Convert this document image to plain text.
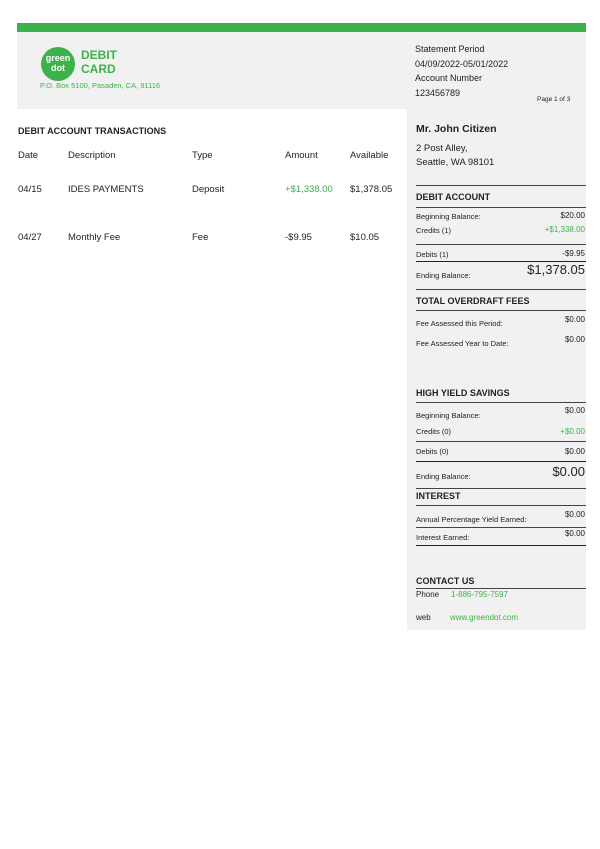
green
dot
DEBIT
CARD
P.O. Box 5100, Pasaden, CA, 91116
Statement Period
04/09/2022-05/01/2022
Account Number
123456789
Page 1 of 3
DEBIT ACCOUNT TRANSACTIONS
Date	Description	Type	Amount	Available
04/15	IDES PAYMENTS	Deposit	+$1,338.00 $1,378.05
04/27	Monthly Fee	Fee	-$9.95	$10.05
Mr. John Citizen
2 Post Alley,
Seattle, WA 98101
DEBIT ACCOUNT
Beginning Balance:	$20.00
Credits (1)	+$1,338.00
Debits (1)	-$9.95
Ending Balance:	$1,378.05
TOTAL OVERDRAFT FEES
Fee Assessed this Period:	$0.00
Fee Assessed Year to Date:	$0.00
HIGH YIELD SAVINGS
Beginning Balance:
$0.00
Credits (0)	+$0.00
Debits (0)	$0.00
Ending Balance:	$0.00
INTEREST
Annual Percentage Yield Earned:
$0.00
Interest Earned:	$0.00
CONTACT US
Phone 1-886-795-7597
web www.greendot.com
